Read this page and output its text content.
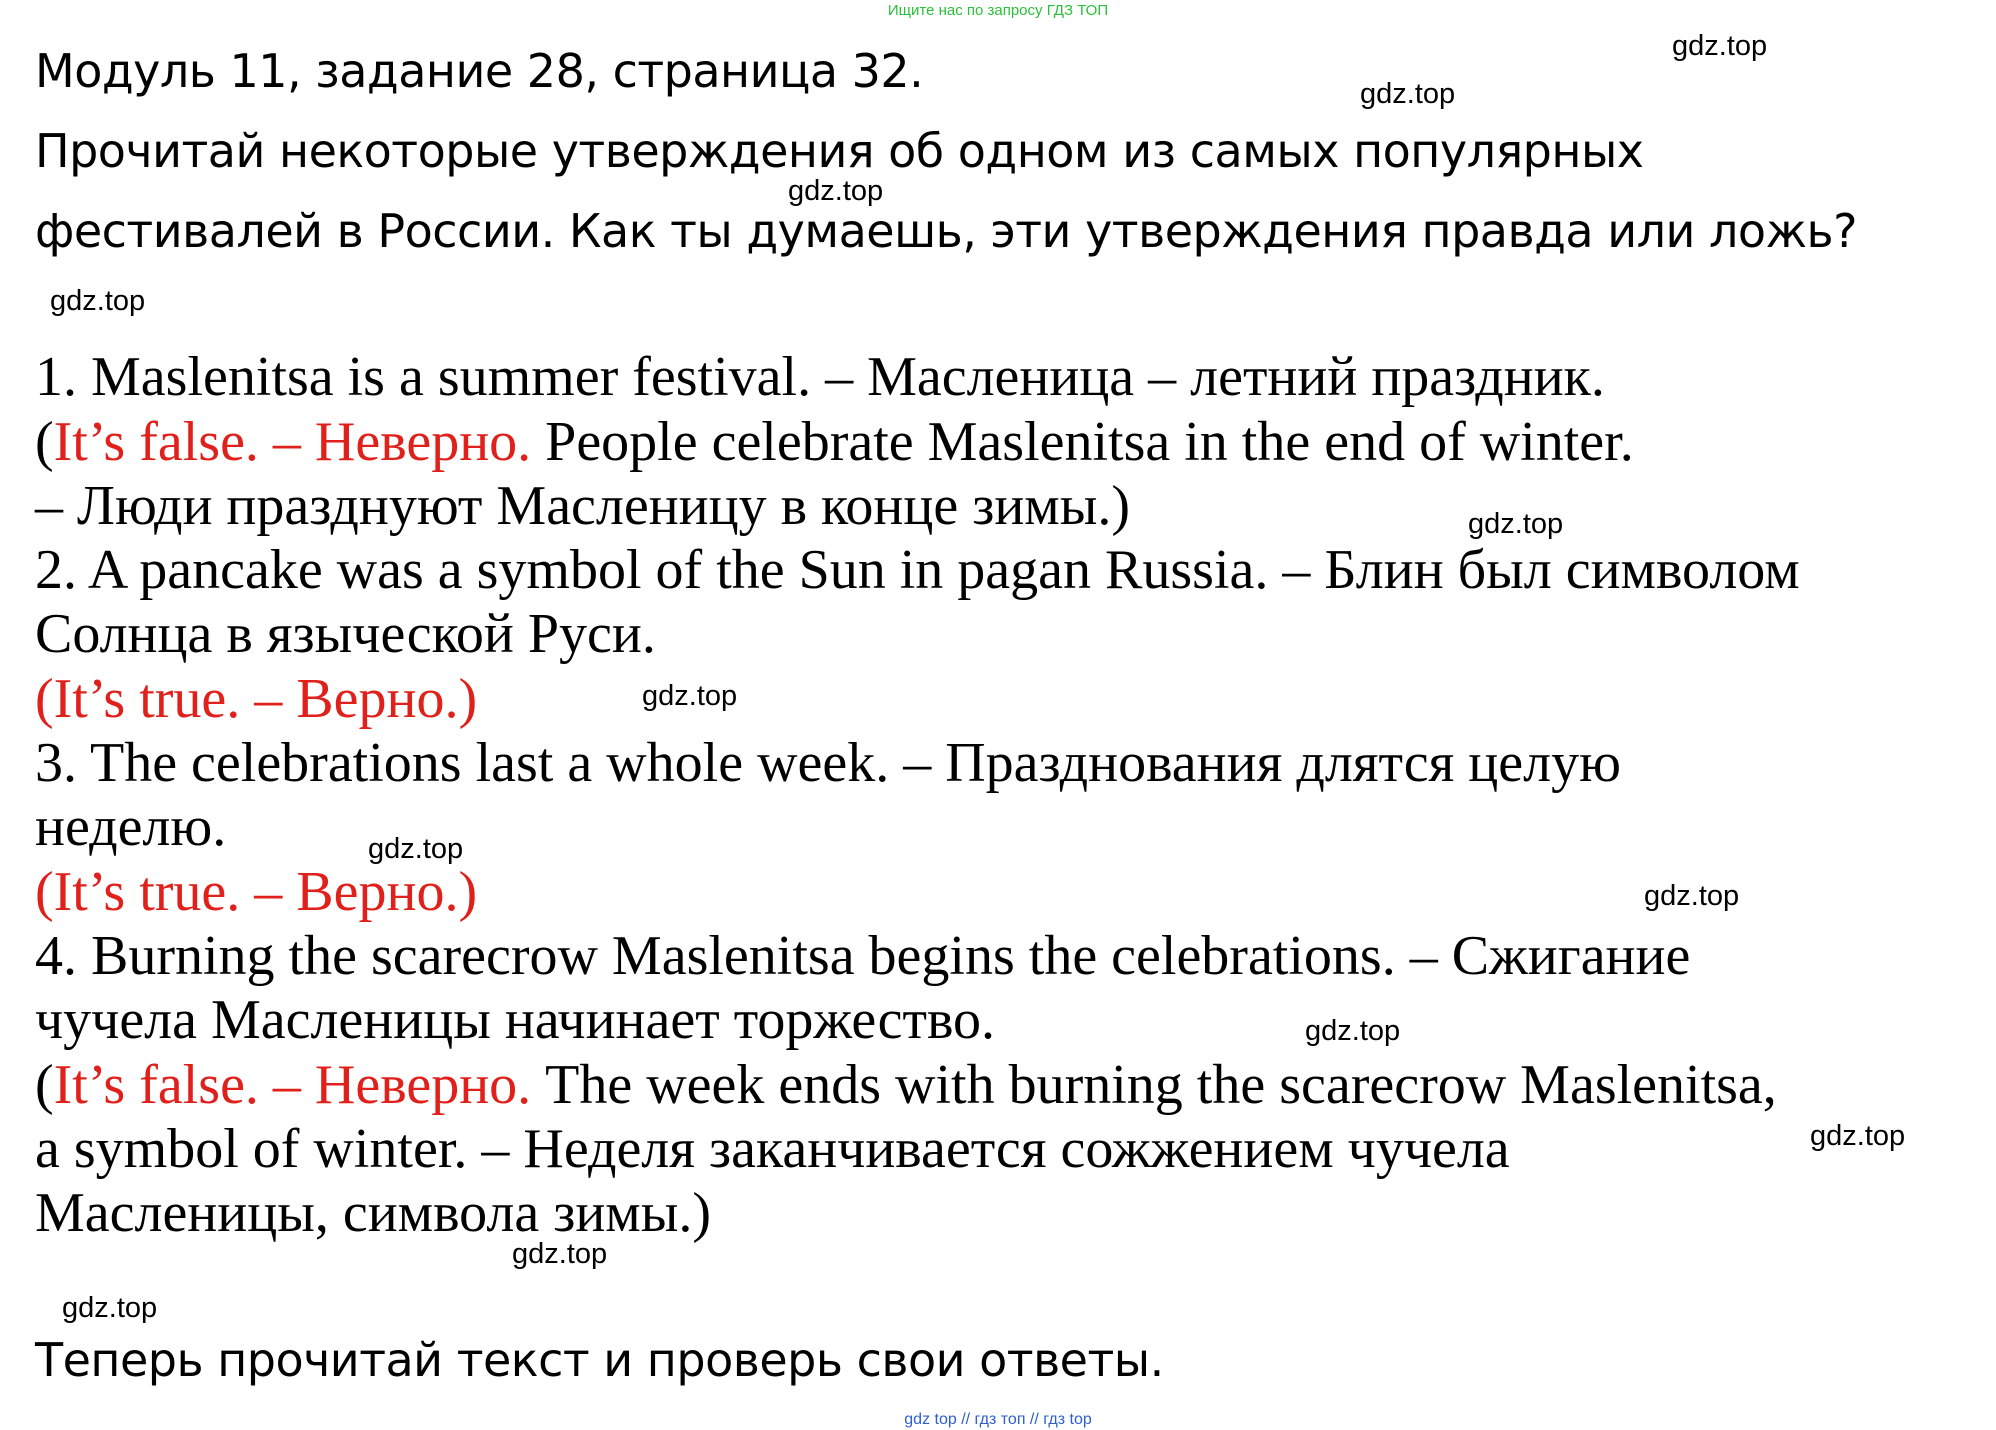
Ищите нас по запросу ГДЗ ТОП
Модуль 11, задание 28, страница 32.
Прочитай некоторые утверждения об одном из самых популярных
фестивалей в России. Как ты думаешь, эти утверждения правда или ложь?
1. Maslenitsa is a summer festival. – Масленица – летний праздник.
(It’s false. – Неверно. People celebrate Maslenitsa in the end of winter.
– Люди празднуют Масленицу в конце зимы.)
2. A pancake was a symbol of the Sun in pagan Russia. – Блин был символом
Солнца в языческой Руси.
(It’s true. – Верно.)
3. The celebrations last a whole week. – Празднования длятся целую
неделю.
(It’s true. – Верно.)
4. Burning the scarecrow Maslenitsa begins the celebrations. – Сжигание
чучела Масленицы начинает торжество.
(It’s false. – Неверно. The week ends with burning the scarecrow Maslenitsa,
a symbol of winter. – Неделя заканчивается сожжением чучела
Масленицы, символа зимы.)
Теперь прочитай текст и проверь свои ответы.
gdz.top
gdz.top
gdz.top
gdz.top
gdz.top
gdz.top
gdz.top
gdz.top
gdz.top
gdz.top
gdz.top
gdz.top
gdz top // гдз топ // гдз top
